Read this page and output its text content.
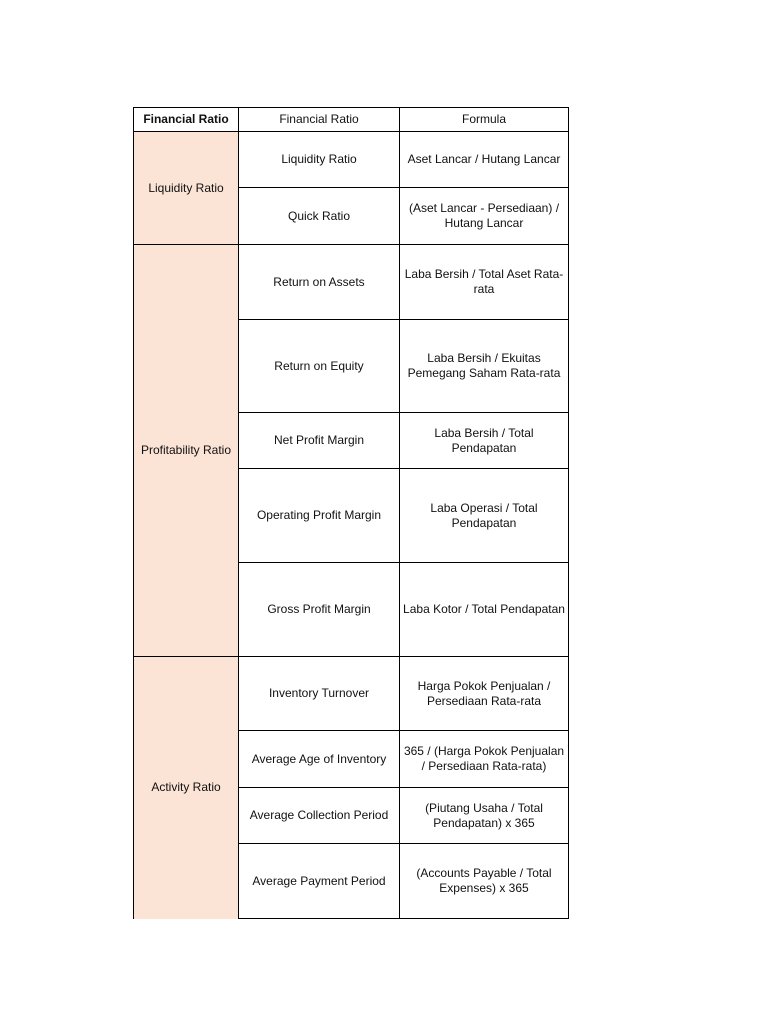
Financial Ratio	Financial Ratio	Formula
Liquidity Ratio	Liquidity Ratio	Aset Lancar / Hutang Lancar
	Quick Ratio	(Aset Lancar - Persediaan) / Hutang Lancar
Profitability Ratio	Return on Assets	Laba Bersih / Total Aset Rata-rata
	Return on Equity	Laba Bersih / Ekuitas Pemegang Saham Rata-rata
	Net Profit Margin	Laba Bersih / Total Pendapatan
	Operating Profit Margin	Laba Operasi / Total Pendapatan
	Gross Profit Margin	Laba Kotor / Total Pendapatan
Activity Ratio	Inventory Turnover	Harga Pokok Penjualan / Persediaan Rata-rata
	Average Age of Inventory	365 / (Harga Pokok Penjualan / Persediaan Rata-rata)
	Average Collection Period	(Piutang Usaha / Total Pendapatan) x 365
	Average Payment Period	(Accounts Payable / Total Expenses) x 365
